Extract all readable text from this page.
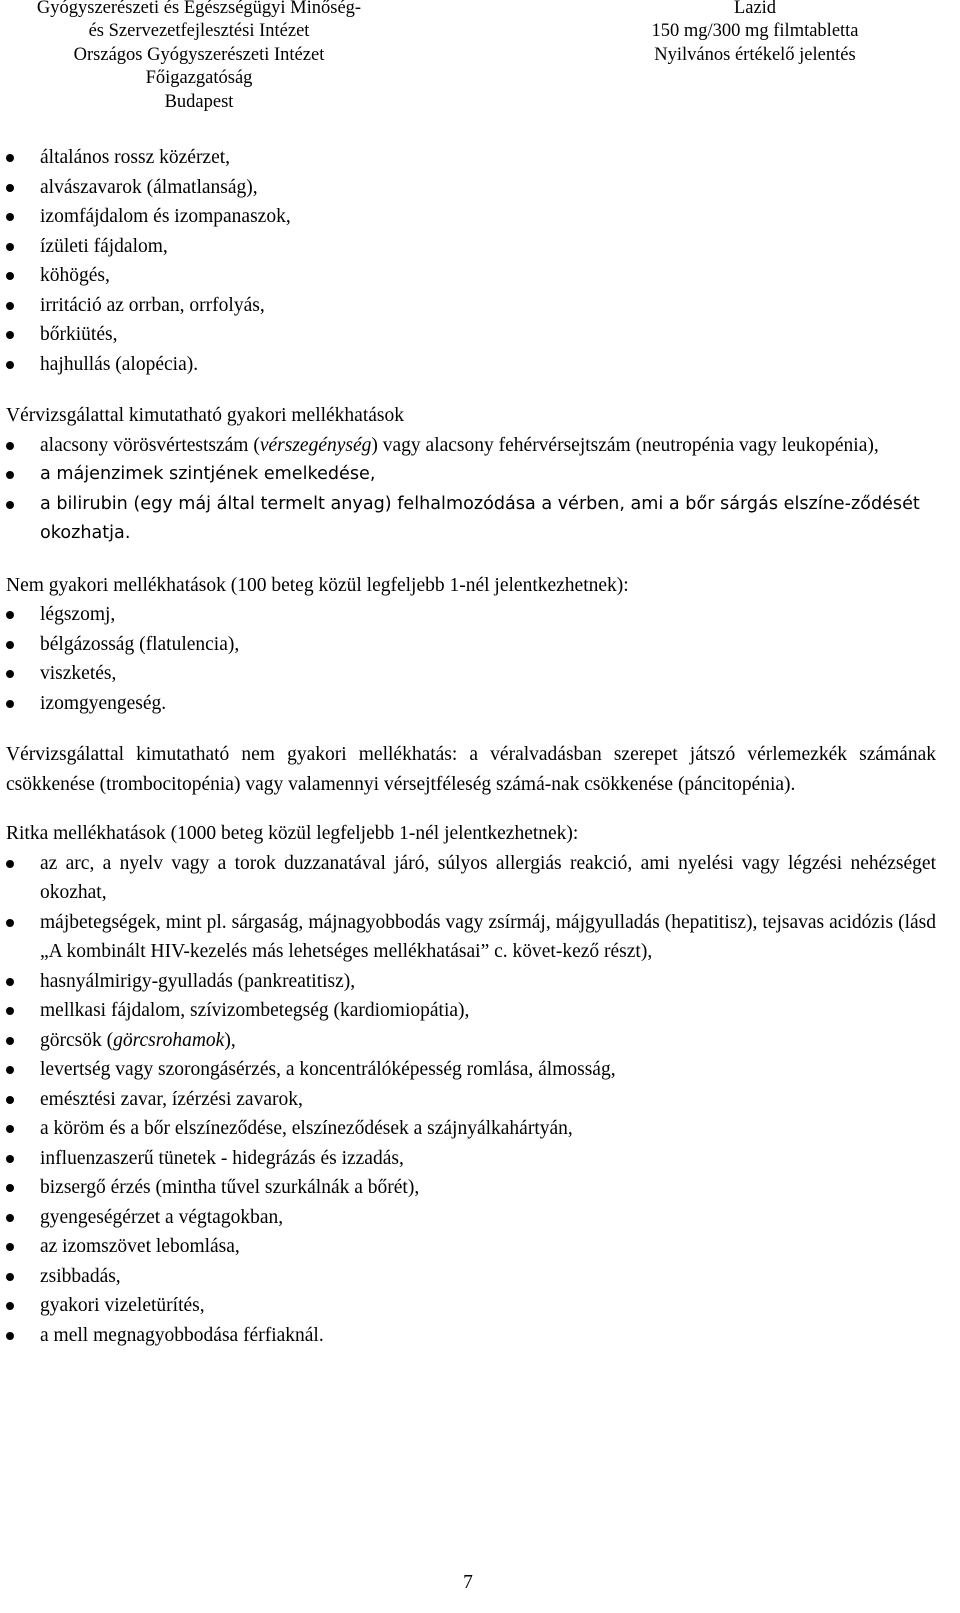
Gyógyszerészeti és Egészségügyi Minőség-
és Szervezetfejlesztési Intézet
Országos Gyógyszerészeti Intézet
Főigazgatóság
Budapest
Lazid
150 mg/300 mg filmtabletta
Nyilvános értékelő jelentés
általános rossz közérzet,
alvászavarok (álmatlanság),
izomfájdalom és izompanaszok,
ízületi fájdalom,
köhögés,
irritáció az orrban, orrfolyás,
bőrkiütés,
hajhullás (alopécia).

Vérvizsgálattal kimutatható gyakori mellékhatások

alacsony vörösvértestszám (vérszegénység) vagy alacsony fehérvérsejtszám (neutropénia vagy leukopénia),
a májenzimek szintjének emelkedése,
a bilirubin (egy máj által termelt anyag) felhalmozódása a vérben, ami a bőr sárgás elszíne-ződését okozhatja.

Nem gyakori mellékhatások (100 beteg közül legfeljebb 1-nél jelentkezhetnek):

légszomj,
bélgázosság (flatulencia),
viszketés,
izomgyengeség.

Vérvizsgálattal kimutatható nem gyakori mellékhatás: a véralvadásban szerepet játszó vérlemezkék számának csökkenése (trombocitopénia) vagy valamennyi vérsejtféleség számá-nak csökkenése (páncitopénia).

Ritka mellékhatások (1000 beteg közül legfeljebb 1-nél jelentkezhetnek):

az arc, a nyelv vagy a torok duzzanatával járó, súlyos allergiás reakció, ami nyelési vagy légzési nehézséget okozhat,
májbetegségek, mint pl. sárgaság, májnagyobbodás vagy zsírmáj, májgyulladás (hepatitisz), tejsavas acidózis (lásd „A kombinált HIV-kezelés más lehetséges mellékhatásai” c. követ-kező részt),
hasnyálmirigy-gyulladás (pankreatitisz),
mellkasi fájdalom, szívizombetegség (kardiomiopátia),
görcsök (görcsrohamok),
levertség vagy szorongásérzés, a koncentrálóképesség romlása, álmosság,
emésztési zavar, ízérzési zavarok,
a köröm és a bőr elszíneződése, elszíneződések a szájnyálkahártyán,
influenzaszerű tünetek - hidegrázás és izzadás,
bizsergő érzés (mintha tűvel szurkálnák a bőrét),
gyengeségérzet a végtagokban,
az izomszövet lebomlása,
zsibbadás,
gyakori vizeletürítés,
a mell megnagyobbodása férfiaknál.
7
